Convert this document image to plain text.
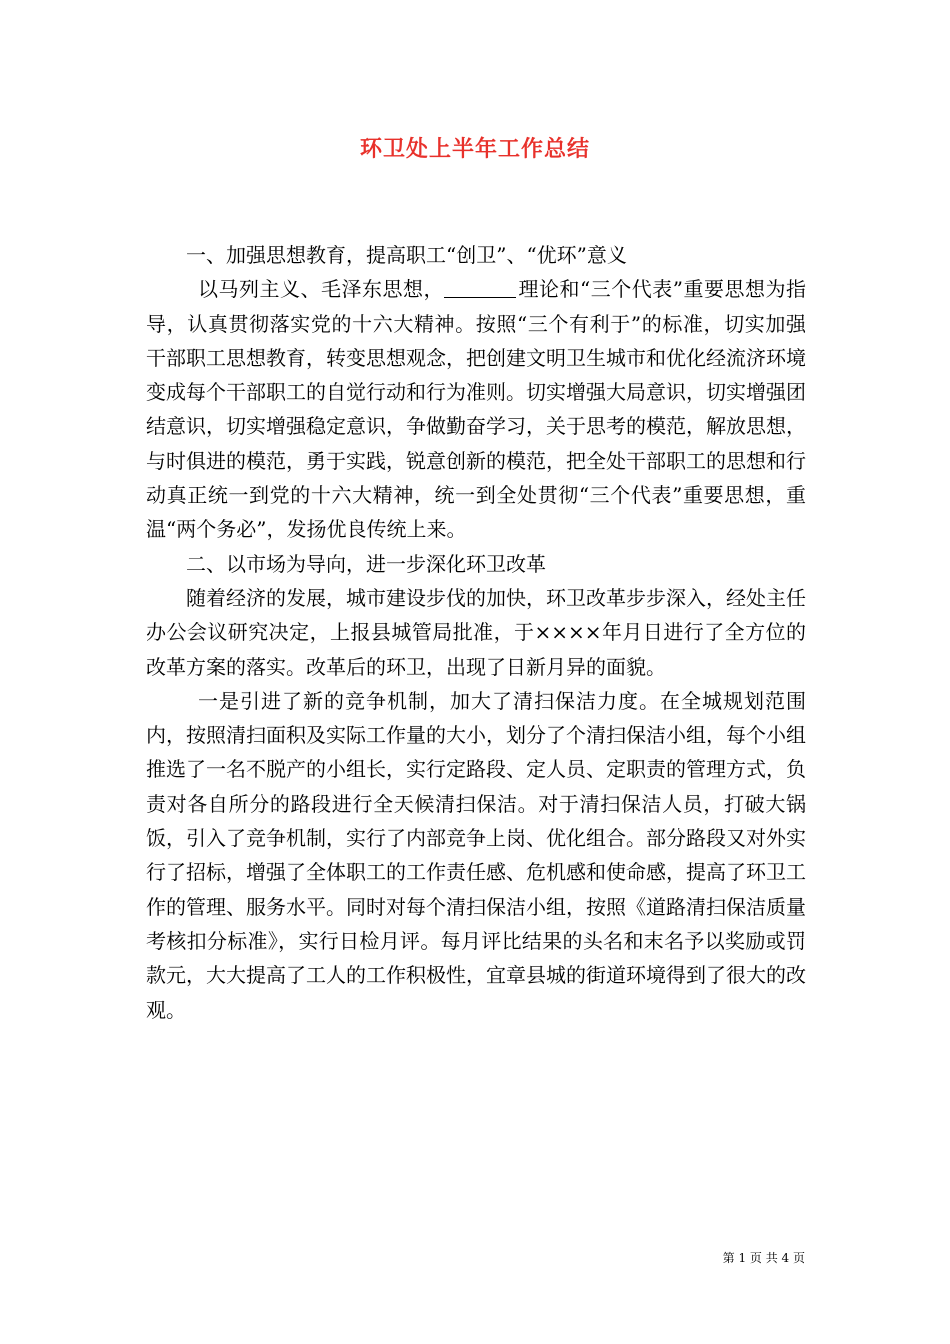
环卫处上半年工作总结

一、加强思想教育，提高职工“创卫”、“优环”意义

以马列主义、毛泽东思想，	理论和“三个代表”重要思想为指导，认真贯彻落实党的十六大精神。按照“三个有利于”的标准，切实加强干部职工思想教育，转变思想观念，把创建文明卫生城市和优化经流济环境变成每个干部职工的自觉行动和行为准则。切实增强大局意识，切实增强团结意识，切实增强稳定意识，争做勤奋学习，关于思考的模范，解放思想，与时俱进的模范，勇于实践，锐意创新的模范，把全处干部职工的思想和行动真正统一到党的十六大精神，统一到全处贯彻“三个代表”重要思想，重温“两个务必”，发扬优良传统上来。

二、以市场为导向，进一步深化环卫改革

随着经济的发展，城市建设步伐的加快，环卫改革步步深入，经处主任办公会议研究决定，上报县城管局批准，于××××年月日进行了全方位的改革方案的落实。改革后的环卫，出现了日新月异的面貌。

一是引进了新的竞争机制，加大了清扫保洁力度。在全城规划范围内，按照清扫面积及实际工作量的大小，划分了个清扫保洁小组，每个小组推选了一名不脱产的小组长，实行定路段、定人员、定职责的管理方式，负责对各自所分的路段进行全天候清扫保洁。对于清扫保洁人员，打破大锅饭，引入了竞争机制，实行了内部竞争上岗、优化组合。部分路段又对外实行了招标，增强了全体职工的工作责任感、危机感和使命感，提高了环卫工作的管理、服务水平。同时对每个清扫保洁小组，按照《道路清扫保洁质量考核扣分标准》，实行日检月评。每月评比结果的头名和末名予以奖励或罚款元，大大提高了工人的工作积极性，宜章县城的街道环境得到了很大的改观。

第 1 页 共 4 页
